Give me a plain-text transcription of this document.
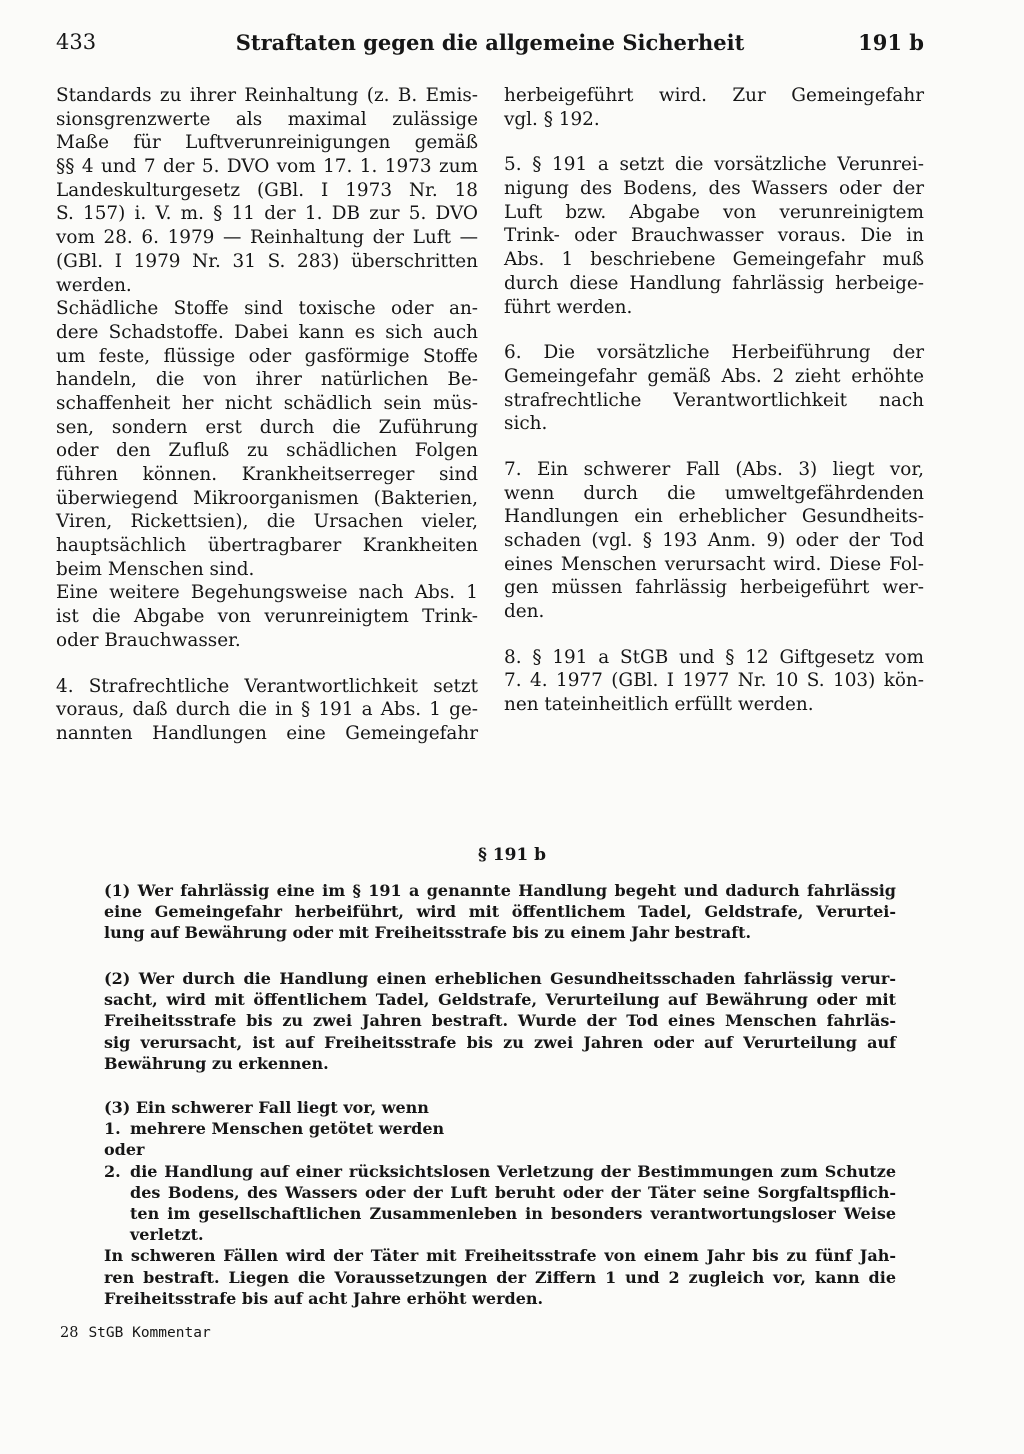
433	Straftaten gegen die allgemeine Sicherheit	191 b
Standards zu ihrer Reinhaltung (z. B. Emis-
sionsgrenzwerte als maximal zulässige
Maße für Luftverunreinigungen gemäß
§§ 4 und 7 der 5. DVO vom 17. 1. 1973 zum
Landeskulturgesetz (GBl. I 1973 Nr. 18
S. 157) i. V. m. § 11 der 1. DB zur 5. DVO
vom 28. 6. 1979 — Reinhaltung der Luft —
(GBl. I 1979 Nr. 31 S. 283) überschritten
werden.
Schädliche Stoffe sind toxische oder an-
dere Schadstoffe. Dabei kann es sich auch
um feste, flüssige oder gasförmige Stoffe
handeln, die von ihrer natürlichen Be-
schaffenheit her nicht schädlich sein müs-
sen, sondern erst durch die Zuführung
oder den Zufluß zu schädlichen Folgen
führen können. Krankheitserreger sind
überwiegend Mikroorganismen (Bakterien,
Viren, Rickettsien), die Ursachen vieler,
hauptsächlich übertragbarer Krankheiten
beim Menschen sind.
Eine weitere Begehungsweise nach Abs. 1
ist die Abgabe von verunreinigtem Trink-
oder Brauchwasser.
4. Strafrechtliche Verantwortlichkeit setzt
voraus, daß durch die in § 191 a Abs. 1 ge-
nannten Handlungen eine Gemeingefahr
herbeigeführt wird. Zur Gemeingefahr
vgl. § 192.
5. § 191 a setzt die vorsätzliche Verunrei-
nigung des Bodens, des Wassers oder der
Luft bzw. Abgabe von verunreinigtem
Trink- oder Brauchwasser voraus. Die in
Abs. 1 beschriebene Gemeingefahr muß
durch diese Handlung fahrlässig herbeige-
führt werden.
6. Die vorsätzliche Herbeiführung der
Gemeingefahr gemäß Abs. 2 zieht erhöhte
strafrechtliche Verantwortlichkeit nach
sich.
7. Ein schwerer Fall (Abs. 3) liegt vor,
wenn durch die umweltgefährdenden
Handlungen ein erheblicher Gesundheits-
schaden (vgl. § 193 Anm. 9) oder der Tod
eines Menschen verursacht wird. Diese Fol-
gen müssen fahrlässig herbeigeführt wer-
den.
8. § 191 a StGB und § 12 Giftgesetz vom
7. 4. 1977 (GBl. I 1977 Nr. 10 S. 103) kön-
nen tateinheitlich erfüllt werden.
§ 191 b
(1) Wer fahrlässig eine im § 191 a genannte Handlung begeht und dadurch fahrlässig
eine Gemeingefahr herbeiführt, wird mit öffentlichem Tadel, Geldstrafe, Verurtei-
lung auf Bewährung oder mit Freiheitsstrafe bis zu einem Jahr bestraft.
(2) Wer durch die Handlung einen erheblichen Gesundheitsschaden fahrlässig verur-
sacht, wird mit öffentlichem Tadel, Geldstrafe, Verurteilung auf Bewährung oder mit
Freiheitsstrafe bis zu zwei Jahren bestraft. Wurde der Tod eines Menschen fahrläs-
sig verursacht, ist auf Freiheitsstrafe bis zu zwei Jahren oder auf Verurteilung auf
Bewährung zu erkennen.
(3) Ein schwerer Fall liegt vor, wenn
1. mehrere Menschen getötet werden
oder
2. die Handlung auf einer rücksichtslosen Verletzung der Bestimmungen zum Schutze
des Bodens, des Wassers oder der Luft beruht oder der Täter seine Sorgfaltspflich-
ten im gesellschaftlichen Zusammenleben in besonders verantwortungsloser Weise
verletzt.
In schweren Fällen wird der Täter mit Freiheitsstrafe von einem Jahr bis zu fünf Jah-
ren bestraft. Liegen die Voraussetzungen der Ziffern 1 und 2 zugleich vor, kann die
Freiheitsstrafe bis auf acht Jahre erhöht werden.
28 StGB Kommentar
